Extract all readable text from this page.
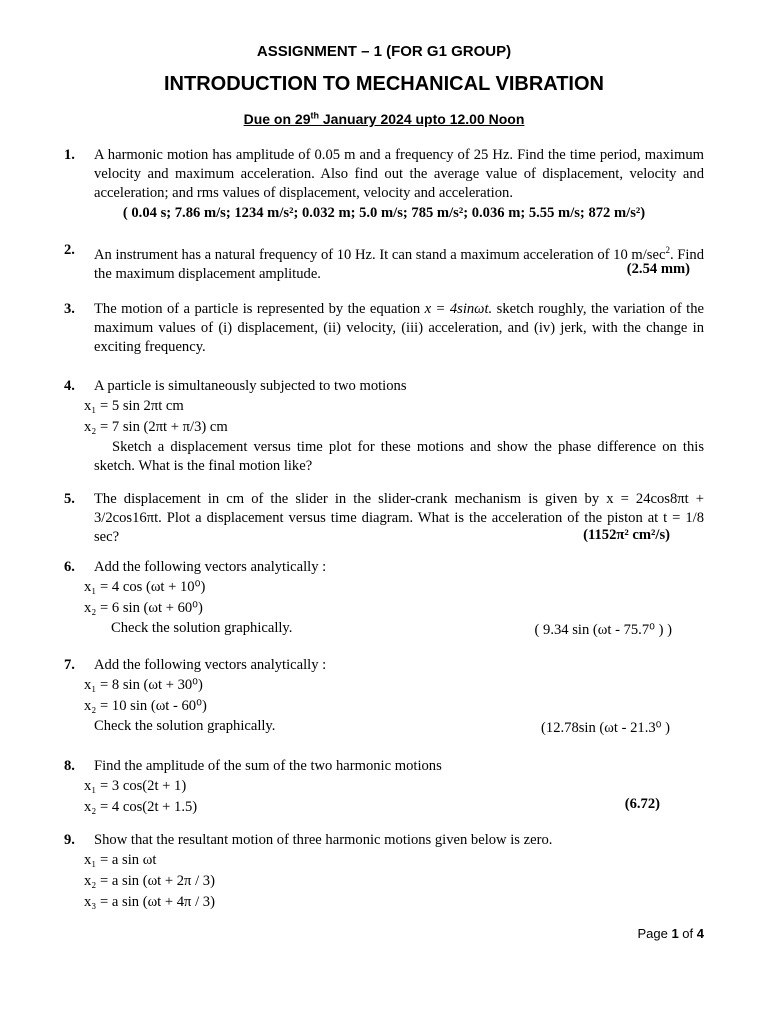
ASSIGNMENT – 1 (FOR G1 GROUP)
INTRODUCTION TO MECHANICAL VIBRATION
Due on 29th January 2024 upto 12.00 Noon
1. A harmonic motion has amplitude of 0.05 m and a frequency of 25 Hz. Find the time period, maximum velocity and maximum acceleration. Also find out the average value of displacement, velocity and acceleration; and rms values of displacement, velocity and acceleration.
( 0.04 s; 7.86 m/s; 1234 m/s²; 0.032 m; 5.0 m/s; 785 m/s²; 0.036 m; 5.55 m/s; 872 m/s²)
2. An instrument has a natural frequency of 10 Hz. It can stand a maximum acceleration of 10 $m/\sec^2$. Find the maximum displacement amplitude.	(2.54 mm)
3. The motion of a particle is represented by the equation x = 4sinωt. sketch roughly, the variation of the maximum values of (i) displacement, (ii) velocity, (iii) acceleration, and (iv) jerk, with the change in exciting frequency.
4. A particle is simultaneously subjected to two motions
x₁ = 5 sin 2πt cm
x₂ = 7 sin (2πt + π/3) cm
Sketch a displacement versus time plot for these motions and show the phase difference on this sketch. What is the final motion like?
5. The displacement in cm of the slider in the slider-crank mechanism is given by x = 24cos8πt + 3/2cos16πt. Plot a displacement versus time diagram. What is the acceleration of the piston at t = 1/8 sec?	(1152π² cm²/s)
6. Add the following vectors analytically :
x₁ = 4 cos (ωt + 10⁰)
x₂ = 6 sin (ωt + 60⁰)
Check the solution graphically.	( 9.34 sin (ωt - 75.7⁰ ) )
7. Add the following vectors analytically :
x₁ = 8 sin (ωt + 30⁰)
x₂ = 10 sin (ωt - 60⁰)
Check the solution graphically.	(12.78sin (ωt - 21.3⁰ )
8. Find the amplitude of the sum of the two harmonic motions
x₁ = 3 cos(2t + 1)
x₂ = 4 cos(2t + 1.5)	(6.72)
9. Show that the resultant motion of three harmonic motions given below is zero.
x₁ = a sin ωt
x₂ = a sin (ωt + 2π / 3)
x₃ = a sin (ωt + 4π / 3)
Page 1 of 4
